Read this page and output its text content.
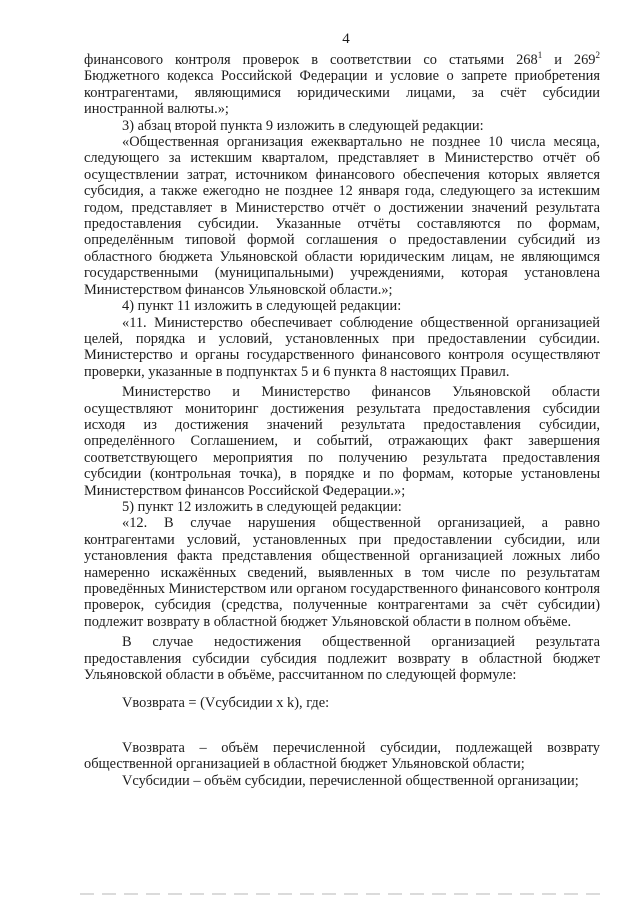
4

финансового контроля проверок в соответствии со статьями $268^1$ и $269^2$ Бюджетного кодекса Российской Федерации и условие о запрете приобретения контрагентами, являющимися юридическими лицами, за счёт субсидии иностранной валюты.»;

3) абзац второй пункта 9 изложить в следующей редакции:

«Общественная организация ежеквартально не позднее 10 числа месяца, следующего за истекшим кварталом, представляет в Министерство отчёт об осуществлении затрат, источником финансового обеспечения которых является субсидия, а также ежегодно не позднее 12 января года, следующего за истекшим годом, представляет в Министерство отчёт о достижении значений результата предоставления субсидии. Указанные отчёты составляются по формам, определённым типовой формой соглашения о предоставлении субсидий из областного бюджета Ульяновской области юридическим лицам, не являющимся государственными (муниципальными) учреждениями, которая установлена Министерством финансов Ульяновской области.»;

4) пункт 11 изложить в следующей редакции:

«11. Министерство обеспечивает соблюдение общественной организацией целей, порядка и условий, установленных при предоставлении субсидии. Министерство и органы государственного финансового контроля осуществляют проверки, указанные в подпунктах 5 и 6 пункта 8 настоящих Правил.

Министерство и Министерство финансов Ульяновской области осуществляют мониторинг достижения результата предоставления субсидии исходя из достижения значений результата предоставления субсидии, определённого Соглашением, и событий, отражающих факт завершения соответствующего мероприятия по получению результата предоставления субсидии (контрольная точка), в порядке и по формам, которые установлены Министерством финансов Российской Федерации.»;

5) пункт 12 изложить в следующей редакции:

«12. В случае нарушения общественной организацией, а равно контрагентами условий, установленных при предоставлении субсидии, или установления факта представления общественной организацией ложных либо намеренно искажённых сведений, выявленных в том числе по результатам проведённых Министерством или органом государственного финансового контроля проверок, субсидия (средства, полученные контрагентами за счёт субсидии) подлежит возврату в областной бюджет Ульяновской области в полном объёме.

В случае недостижения общественной организацией результата предоставления субсидии субсидия подлежит возврату в областной бюджет Ульяновской области в объёме, рассчитанном по следующей формуле:

Vвозврата = (Vсубсидии x k), где:

Vвозврата – объём перечисленной субсидии, подлежащей возврату общественной организацией в областной бюджет Ульяновской области;

Vсубсидии – объём субсидии, перечисленной общественной организации;
